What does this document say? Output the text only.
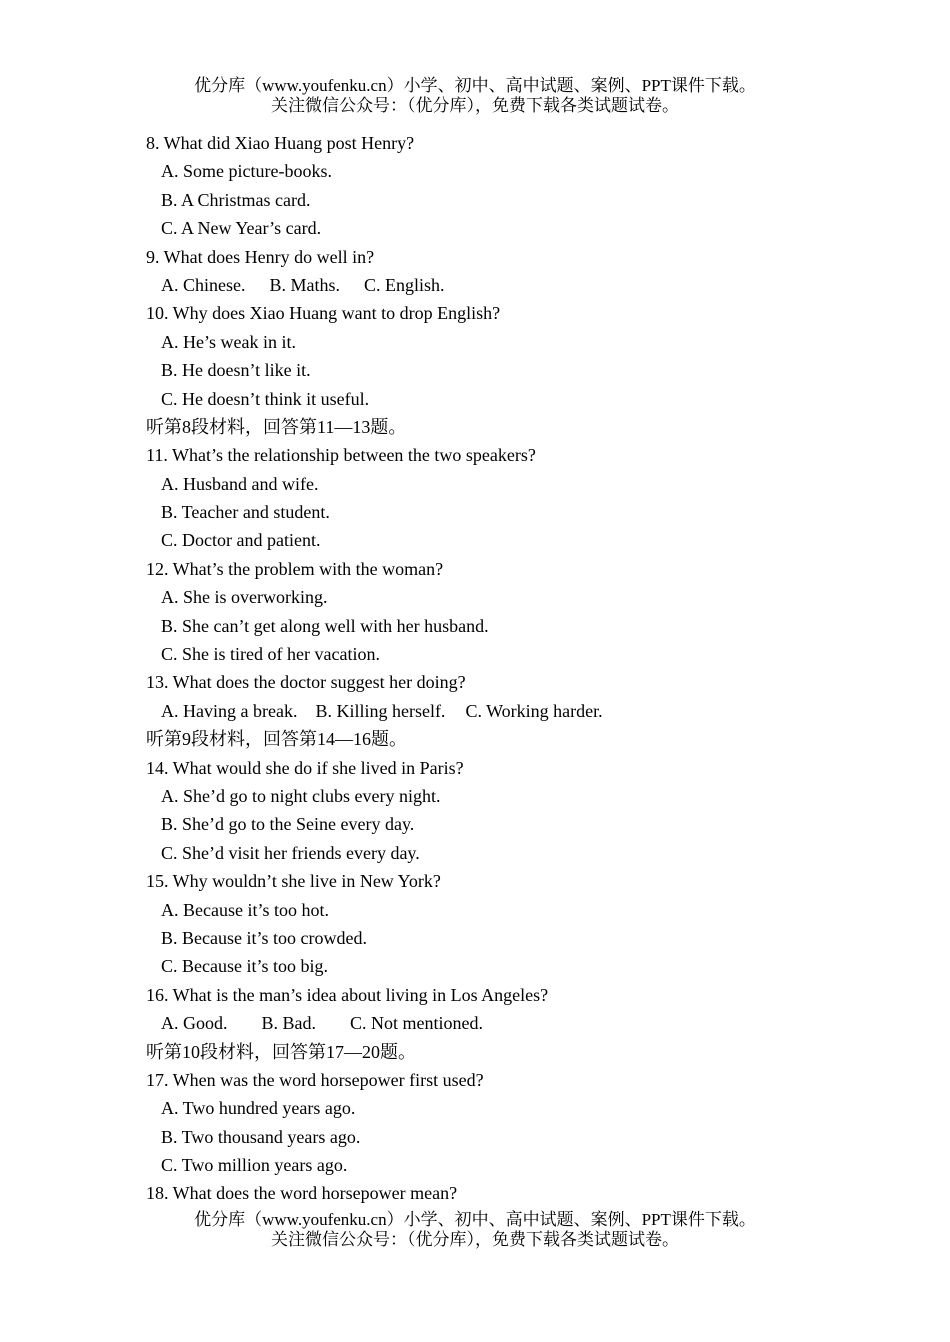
优分库（www.youfenku.cn）小学、初中、高中试题、案例、PPT课件下载。
关注微信公众号：（优分库），免费下载各类试题试卷。
8. What did Xiao Huang post Henry?
A. Some picture-books.
B. A Christmas card.
C. A New Year’s card.
9. What does Henry do well in?
A. Chinese. B. Maths. C. English.
10. Why does Xiao Huang want to drop English?
A. He’s weak in it.
B. He doesn’t like it.
C. He doesn’t think it useful.
听第8段材料，回答第11—13题。
11. What’s the relationship between the two speakers?
A. Husband and wife.
B. Teacher and student.
C. Doctor and patient.
12. What’s the problem with the woman?
A. She is overworking.
B. She can’t get along well with her husband.
C. She is tired of her vacation.
13. What does the doctor suggest her doing?
A. Having a break. B. Killing herself. C. Working harder.
听第9段材料，回答第14—16题。
14. What would she do if she lived in Paris?
A. She’d go to night clubs every night.
B. She’d go to the Seine every day.
C. She’d visit her friends every day.
15. Why wouldn’t she live in New York?
A. Because it’s too hot.
B. Because it’s too crowded.
C. Because it’s too big.
16. What is the man’s idea about living in Los Angeles?
A. Good. B. Bad. C. Not mentioned.
听第10段材料，回答第17—20题。
17. When was the word horsepower first used?
A. Two hundred years ago.
B. Two thousand years ago.
C. Two million years ago.
18. What does the word horsepower mean?
优分库（www.youfenku.cn）小学、初中、高中试题、案例、PPT课件下载。
关注微信公众号：（优分库），免费下载各类试题试卷。
